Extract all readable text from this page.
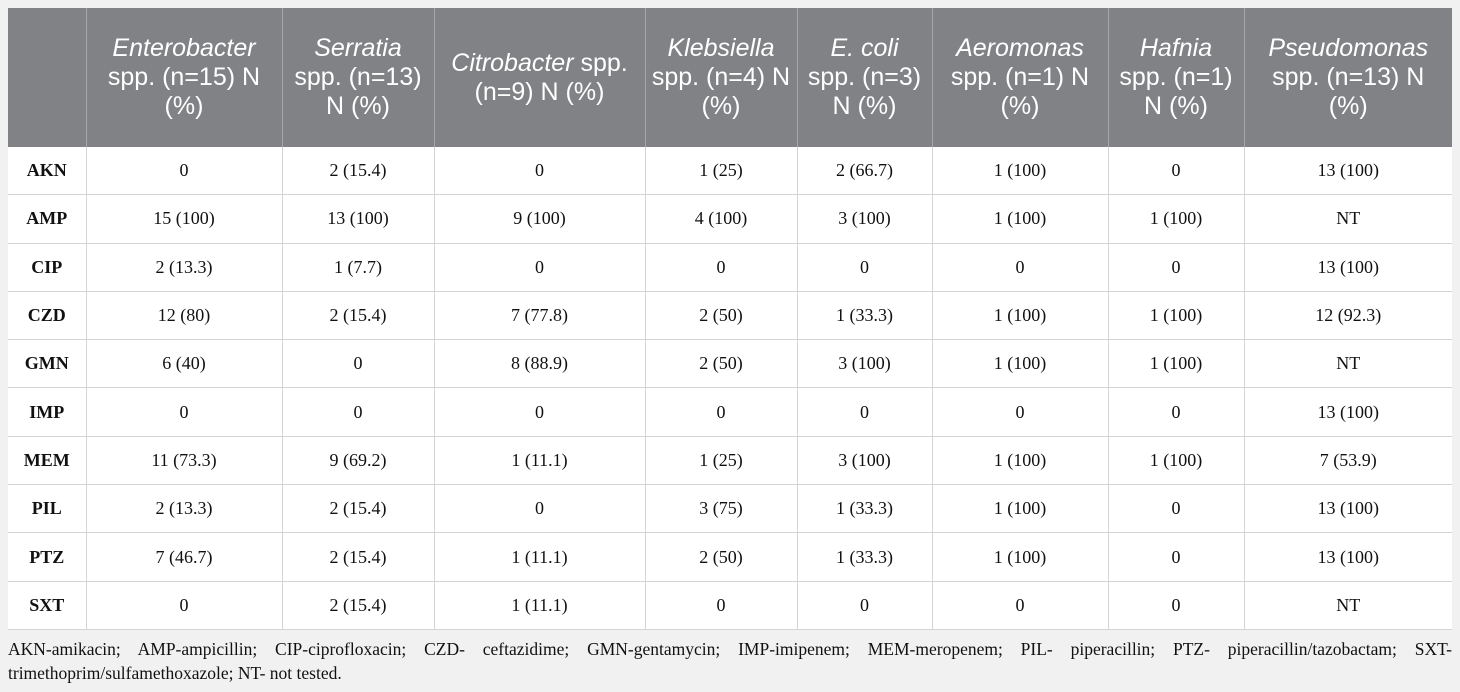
	Enterobacter spp. (n=15) N (%)	Serratia spp. (n=13) N (%)	Citrobacter spp. (n=9) N (%)	Klebsiella spp. (n=4) N (%)	E. coli spp. (n=3) N (%)	Aeromonas spp. (n=1) N (%)	Hafnia spp. (n=1) N (%)	Pseudomonas spp. (n=13) N (%)
AKN	0	2 (15.4)	0	1 (25)	2 (66.7)	1 (100)	0	13 (100)
AMP	15 (100)	13 (100)	9 (100)	4 (100)	3 (100)	1 (100)	1 (100)	NT
CIP	2 (13.3)	1 (7.7)	0	0	0	0	0	13 (100)
CZD	12 (80)	2 (15.4)	7 (77.8)	2 (50)	1 (33.3)	1 (100)	1 (100)	12 (92.3)
GMN	6 (40)	0	8 (88.9)	2 (50)	3 (100)	1 (100)	1 (100)	NT
IMP	0	0	0	0	0	0	0	13 (100)
MEM	11 (73.3)	9 (69.2)	1 (11.1)	1 (25)	3 (100)	1 (100)	1 (100)	7 (53.9)
PIL	2 (13.3)	2 (15.4)	0	3 (75)	1 (33.3)	1 (100)	0	13 (100)
PTZ	7 (46.7)	2 (15.4)	1 (11.1)	2 (50)	1 (33.3)	1 (100)	0	13 (100)
SXT	0	2 (15.4)	1 (11.1)	0	0	0	0	NT
AKN-amikacin; AMP-ampicillin; CIP-ciprofloxacin; CZD- ceftazidime; GMN-gentamycin; IMP-imipenem; MEM-meropenem; PIL- piperacillin; PTZ- piperacillin/tazobactam; SXT-trimethoprim/sulfamethoxazole; NT- not tested.
